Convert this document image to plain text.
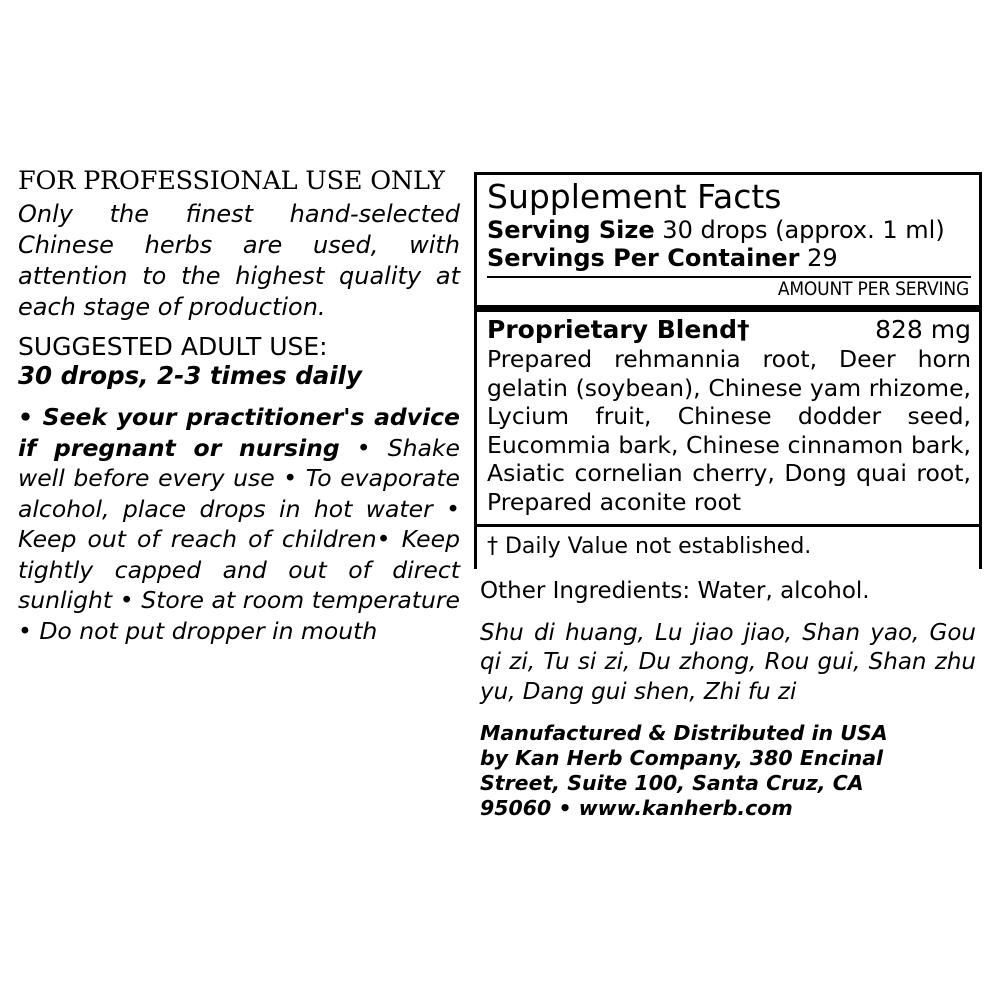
FOR PROFESSIONAL USE ONLY
Only the finest hand-selected Chinese herbs are used, with attention to the highest quality at each stage of production.
SUGGESTED ADULT USE:
30 drops, 2-3 times daily
• Seek your practitioner's advice if pregnant or nursing • Shake well before every use • To evaporate alcohol, place drops in hot water • Keep out of reach of children• Keep tightly capped and out of direct sunlight • Store at room temperature • Do not put dropper in mouth
Supplement Facts
Serving Size 30 drops (approx. 1 ml)
Servings Per Container 29
AMOUNT PER SERVING
Proprietary Blend†	828 mg
Prepared rehmannia root, Deer horn gelatin (soybean), Chinese yam rhizome, Lycium fruit, Chinese dodder seed, Eucommia bark, Chinese cinnamon bark, Asiatic cornelian cherry, Dong quai root, Prepared aconite root
† Daily Value not established.
Other Ingredients: Water, alcohol.
Shu di huang, Lu jiao jiao, Shan yao, Gou qi zi, Tu si zi, Du zhong, Rou gui, Shan zhu yu, Dang gui shen, Zhi fu zi
Manufactured & Distributed in USA by Kan Herb Company, 380 Encinal Street, Suite 100, Santa Cruz, CA 95060 • www.kanherb.com
